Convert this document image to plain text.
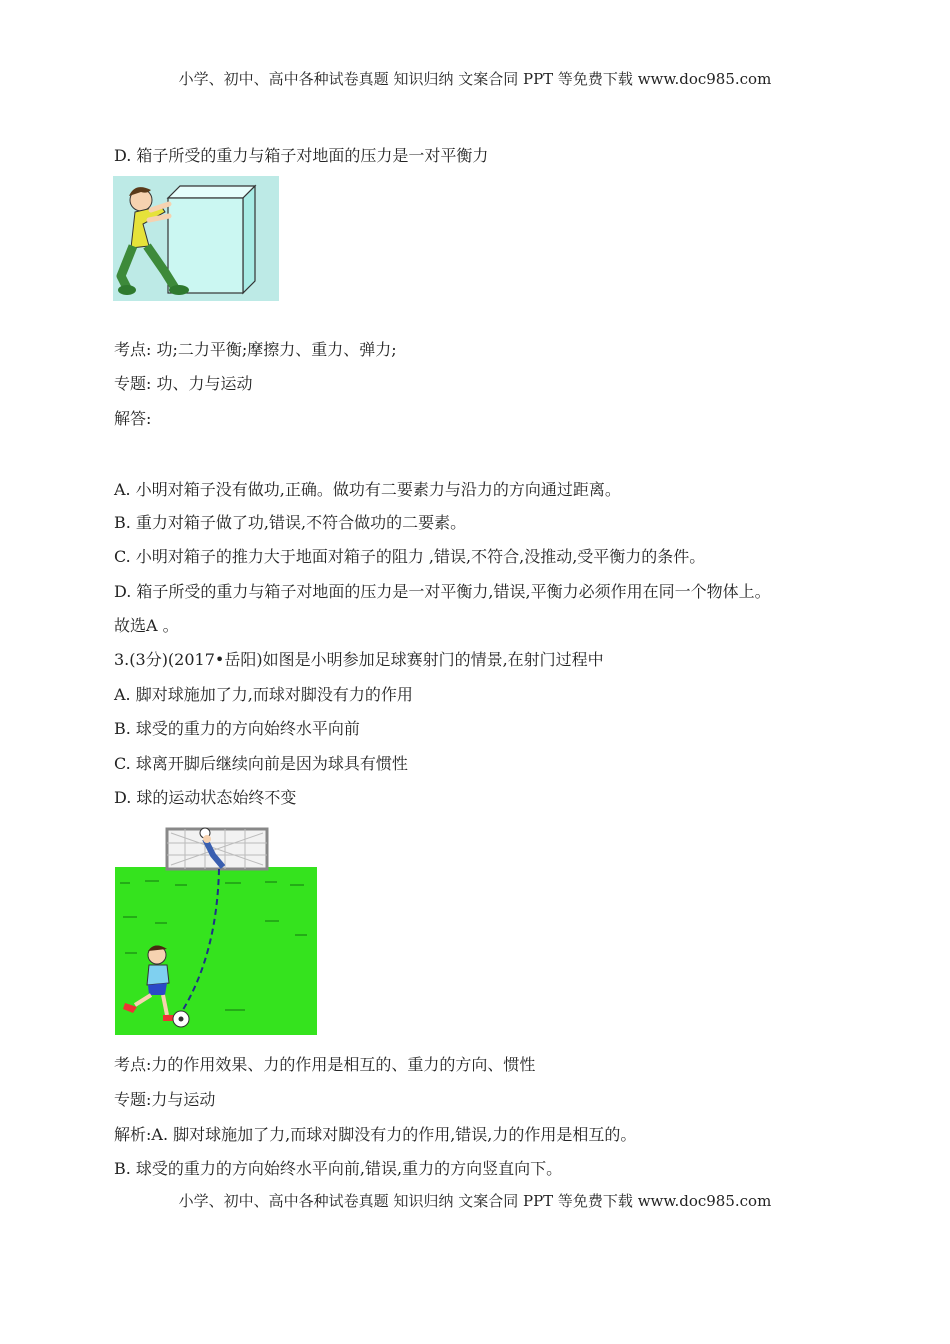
小学、初中、高中各种试卷真题 知识归纳 文案合同 PPT 等免费下载 www.doc985.com
D. 箱子所受的重力与箱子对地面的压力是一对平衡力
考点: 功;二力平衡;摩擦力、重力、弹力;
专题: 功、力与运动
解答:
A. 小明对箱子没有做功,正确。做功有二要素力与沿力的方向通过距离。
B. 重力对箱子做了功,错误,不符合做功的二要素。
C. 小明对箱子的推力大于地面对箱子的阻力 ,错误,不符合,没推动,受平衡力的条件。
D. 箱子所受的重力与箱子对地面的压力是一对平衡力,错误,平衡力必须作用在同一个物体上。
故选A 。
3.(3分)(2017•岳阳)如图是小明参加足球赛射门的情景,在射门过程中
A. 脚对球施加了力,而球对脚没有力的作用
B. 球受的重力的方向始终水平向前
C. 球离开脚后继续向前是因为球具有惯性
D. 球的运动状态始终不变
考点:力的作用效果、力的作用是相互的、重力的方向、惯性
专题:力与运动
解析:A. 脚对球施加了力,而球对脚没有力的作用,错误,力的作用是相互的。
B. 球受的重力的方向始终水平向前,错误,重力的方向竖直向下。
小学、初中、高中各种试卷真题 知识归纳 文案合同 PPT 等免费下载 www.doc985.com
